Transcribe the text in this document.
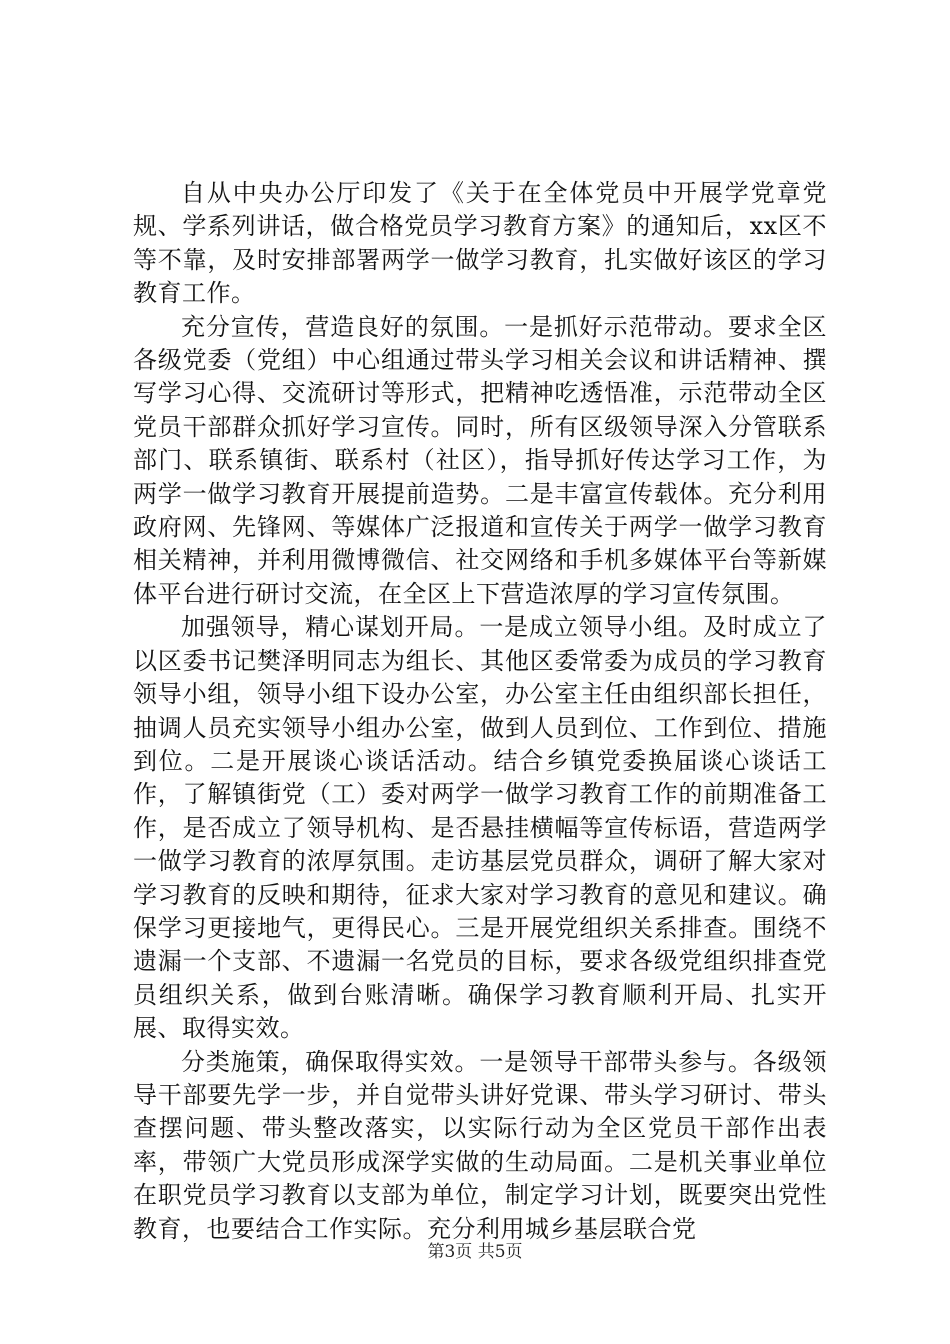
自从中央办公厅印发了《关于在全体党员中开展学党章党规、学系列讲话，做合格党员学习教育方案》的通知后，xx区不等不靠，及时安排部署两学一做学习教育，扎实做好该区的学习教育工作。

充分宣传，营造良好的氛围。一是抓好示范带动。要求全区各级党委（党组）中心组通过带头学习相关会议和讲话精神、撰写学习心得、交流研讨等形式，把精神吃透悟准，示范带动全区党员干部群众抓好学习宣传。同时，所有区级领导深入分管联系部门、联系镇街、联系村（社区），指导抓好传达学习工作，为两学一做学习教育开展提前造势。二是丰富宣传载体。充分利用政府网、先锋网、等媒体广泛报道和宣传关于两学一做学习教育相关精神，并利用微博微信、社交网络和手机多媒体平台等新媒体平台进行研讨交流，在全区上下营造浓厚的学习宣传氛围。

加强领导，精心谋划开局。一是成立领导小组。及时成立了以区委书记樊泽明同志为组长、其他区委常委为成员的学习教育领导小组，领导小组下设办公室，办公室主任由组织部长担任，抽调人员充实领导小组办公室，做到人员到位、工作到位、措施到位。二是开展谈心谈话活动。结合乡镇党委换届谈心谈话工作，了解镇街党（工）委对两学一做学习教育工作的前期准备工作，是否成立了领导机构、是否悬挂横幅等宣传标语，营造两学一做学习教育的浓厚氛围。走访基层党员群众，调研了解大家对学习教育的反映和期待，征求大家对学习教育的意见和建议。确保学习更接地气，更得民心。三是开展党组织关系排查。围绕不遗漏一个支部、不遗漏一名党员的目标，要求各级党组织排查党员组织关系，做到台账清晰。确保学习教育顺利开局、扎实开展、取得实效。

分类施策，确保取得实效。一是领导干部带头参与。各级领导干部要先学一步，并自觉带头讲好党课、带头学习研讨、带头查摆问题、带头整改落实，以实际行动为全区党员干部作出表率，带领广大党员形成深学实做的生动局面。二是机关事业单位在职党员学习教育以支部为单位，制定学习计划，既要突出党性教育，也要结合工作实际。充分利用城乡基层联合党

第3页 共5页
